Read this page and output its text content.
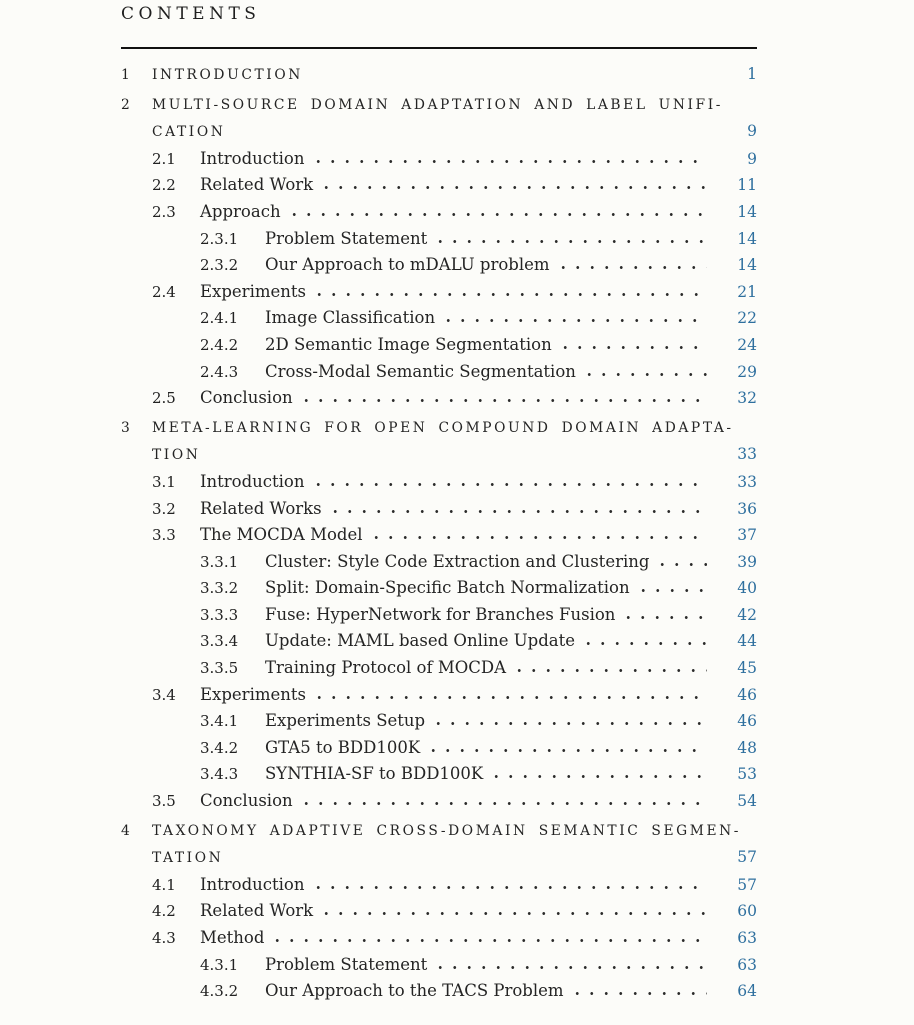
CONTENTS
1	INTRODUCTION	1
2	MULTI-SOURCE DOMAIN ADAPTATION AND LABEL UNIFI-
CATION	9
2.1	Introduction	9
2.2	Related Work	11
2.3	Approach	14
2.3.1	Problem Statement	14
2.3.2	Our Approach to mDALU problem	14
2.4	Experiments	21
2.4.1	Image Classification	22
2.4.2	2D Semantic Image Segmentation	24
2.4.3	Cross-Modal Semantic Segmentation	29
2.5	Conclusion	32
3	META-LEARNING FOR OPEN COMPOUND DOMAIN ADAPTA-
TION	33
3.1	Introduction	33
3.2	Related Works	36
3.3	The MOCDA Model	37
3.3.1	Cluster: Style Code Extraction and Clustering	39
3.3.2	Split: Domain-Specific Batch Normalization	40
3.3.3	Fuse: HyperNetwork for Branches Fusion	42
3.3.4	Update: MAML based Online Update	44
3.3.5	Training Protocol of MOCDA	45
3.4	Experiments	46
3.4.1	Experiments Setup	46
3.4.2	GTA5 to BDD100K	48
3.4.3	SYNTHIA-SF to BDD100K	53
3.5	Conclusion	54
4	TAXONOMY ADAPTIVE CROSS-DOMAIN SEMANTIC SEGMEN-
TATION	57
4.1	Introduction	57
4.2	Related Work	60
4.3	Method	63
4.3.1	Problem Statement	63
4.3.2	Our Approach to the TACS Problem	64
